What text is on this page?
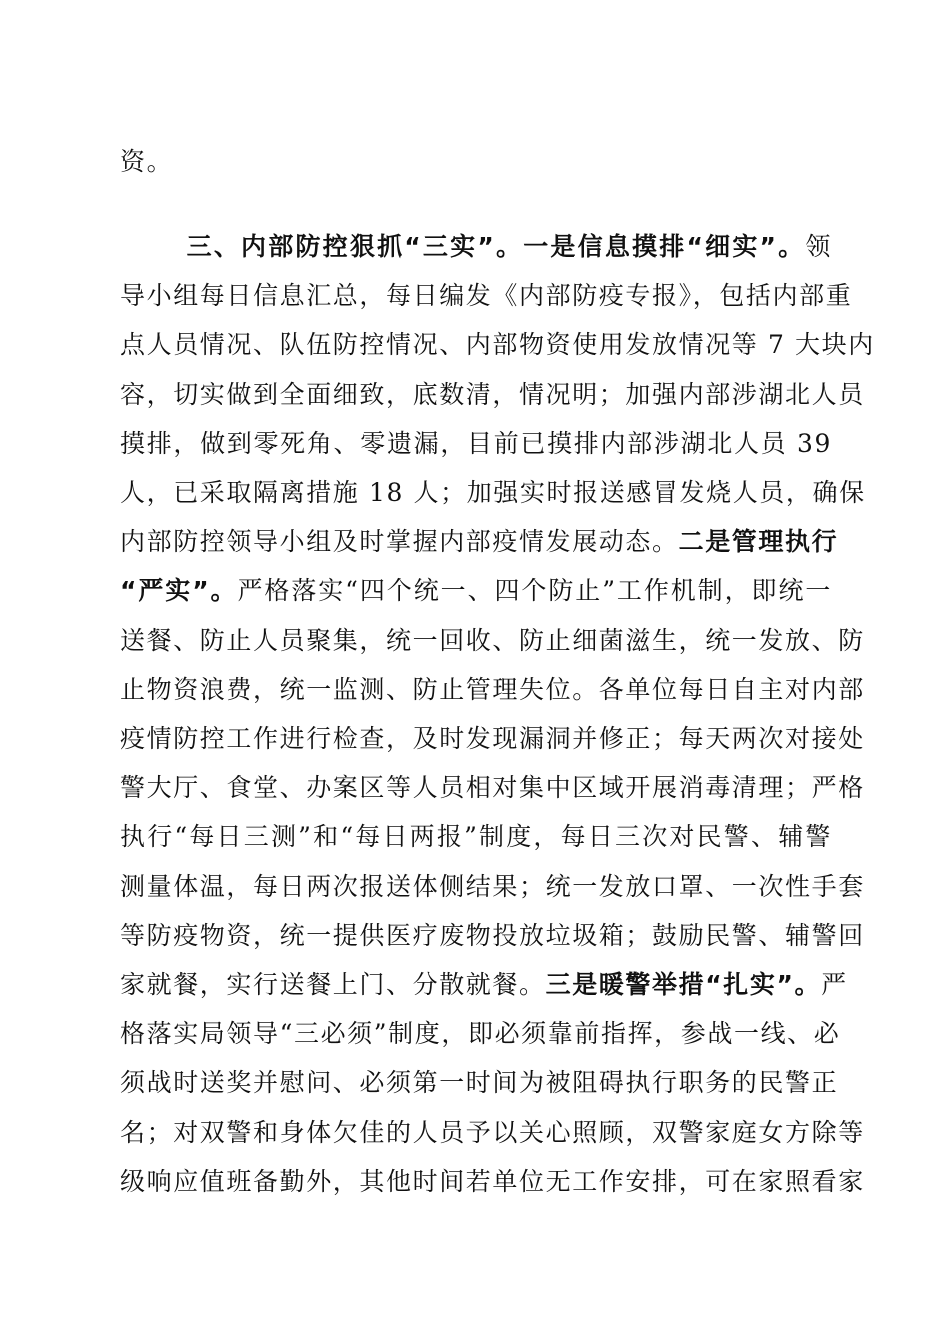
资。
三、内部防控狠抓“三实”。一是信息摸排“细实”。领
导小组每日信息汇总，每日编发《内部防疫专报》，包括内部重
点人员情况、队伍防控情况、内部物资使用发放情况等 7 大块内
容，切实做到全面细致，底数清，情况明；加强内部涉湖北人员
摸排，做到零死角、零遗漏，目前已摸排内部涉湖北人员 39
人，已采取隔离措施 18 人；加强实时报送感冒发烧人员，确保
内部防控领导小组及时掌握内部疫情发展动态。二是管理执行
“严实”。严格落实“四个统一、四个防止”工作机制，即统一
送餐、防止人员聚集，统一回收、防止细菌滋生，统一发放、防
止物资浪费，统一监测、防止管理失位。各单位每日自主对内部
疫情防控工作进行检查，及时发现漏洞并修正；每天两次对接处
警大厅、食堂、办案区等人员相对集中区域开展消毒清理；严格
执行“每日三测”和“每日两报”制度，每日三次对民警、辅警
测量体温，每日两次报送体侧结果；统一发放口罩、一次性手套
等防疫物资，统一提供医疗废物投放垃圾箱；鼓励民警、辅警回
家就餐，实行送餐上门、分散就餐。三是暖警举措“扎实”。严
格落实局领导“三必须”制度，即必须靠前指挥，参战一线、必
须战时送奖并慰问、必须第一时间为被阻碍执行职务的民警正
名；对双警和身体欠佳的人员予以关心照顾，双警家庭女方除等
级响应值班备勤外，其他时间若单位无工作安排，可在家照看家
